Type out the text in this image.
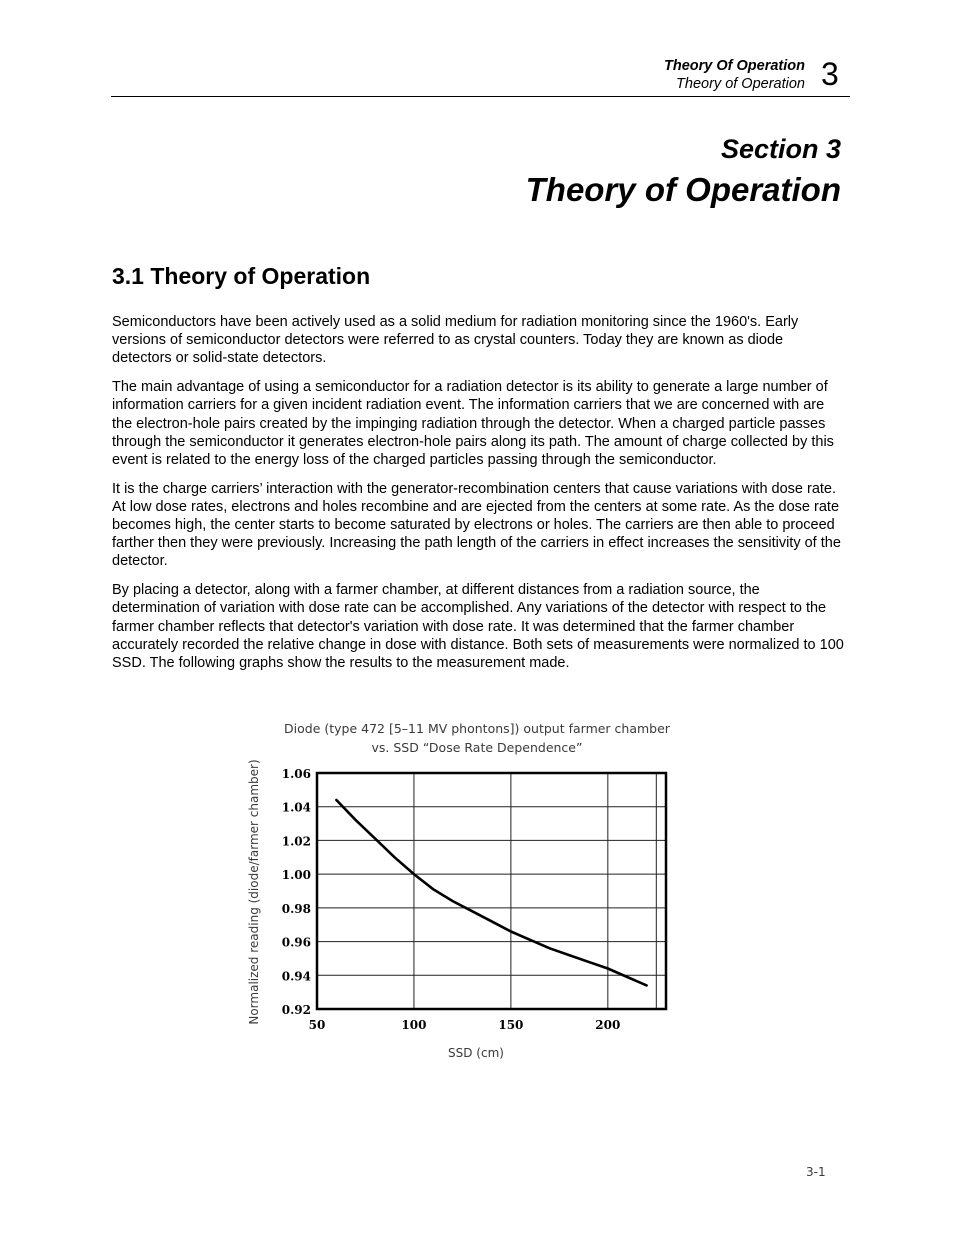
Theory Of Operation
Theory of Operation 3
Section 3
Theory of Operation
3.1 Theory of Operation

Semiconductors have been actively used as a solid medium for radiation monitoring since the 1960's. Early versions of semiconductor detectors were referred to as crystal counters. Today they are known as diode detectors or solid-state detectors.

The main advantage of using a semiconductor for a radiation detector is its ability to generate a large number of information carriers for a given incident radiation event. The information carriers that we are concerned with are the electron-hole pairs created by the impinging radiation through the detector. When a charged particle passes through the semiconductor it generates electron-hole pairs along its path. The amount of charge collected by this event is related to the energy loss of the charged particles passing through the semiconductor.

It is the charge carriers’ interaction with the generator-recombination centers that cause variations with dose rate. At low dose rates, electrons and holes recombine and are ejected from the centers at some rate. As the dose rate becomes high, the center starts to become saturated by electrons or holes. The carriers are then able to proceed farther then they were previously. Increasing the path length of the carriers in effect increases the sensitivity of the detector.

By placing a detector, along with a farmer chamber, at different distances from a radiation source, the determination of variation with dose rate can be accomplished. Any variations of the detector with respect to the farmer chamber reflects that detector's variation with dose rate. It was determined that the farmer chamber accurately recorded the relative change in dose with distance. Both sets of measurements were normalized to 100 SSD. The following graphs show the results to the measurement made.

Diode (type 472 [5–11 MV phontons]) output farmer chamber
vs. SSD “Dose Rate Dependence”
Normalized reading (diode/farmer chamber) 1.06
1.04
1.02
1.00
0.98
0.96
0.94
0.92
50	100	150	200
SSD (cm)
3-1
